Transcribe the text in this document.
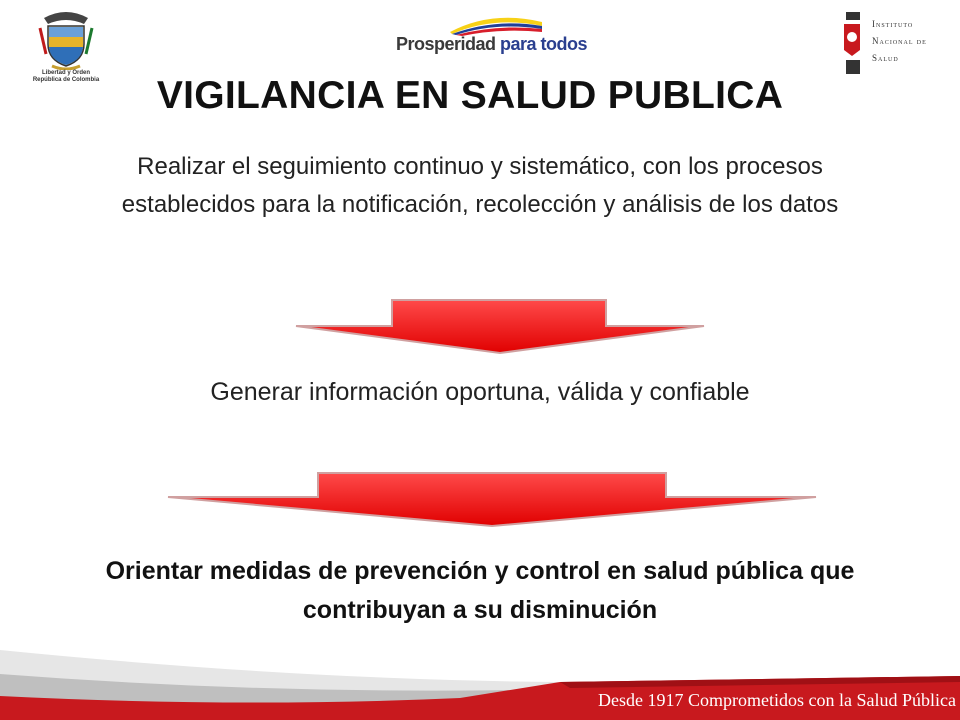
Libertad y Orden
República de Colombia
Prosperidad para todos
Instituto
Nacional de
Salud
VIGILANCIA EN SALUD PUBLICA
Realizar el seguimiento continuo y sistemático, con los procesos establecidos para la notificación, recolección y análisis de los datos
Generar información oportuna, válida y confiable
Orientar medidas de prevención y control en salud pública que contribuyan a su disminución
Desde 1917 Comprometidos con la Salud Pública
